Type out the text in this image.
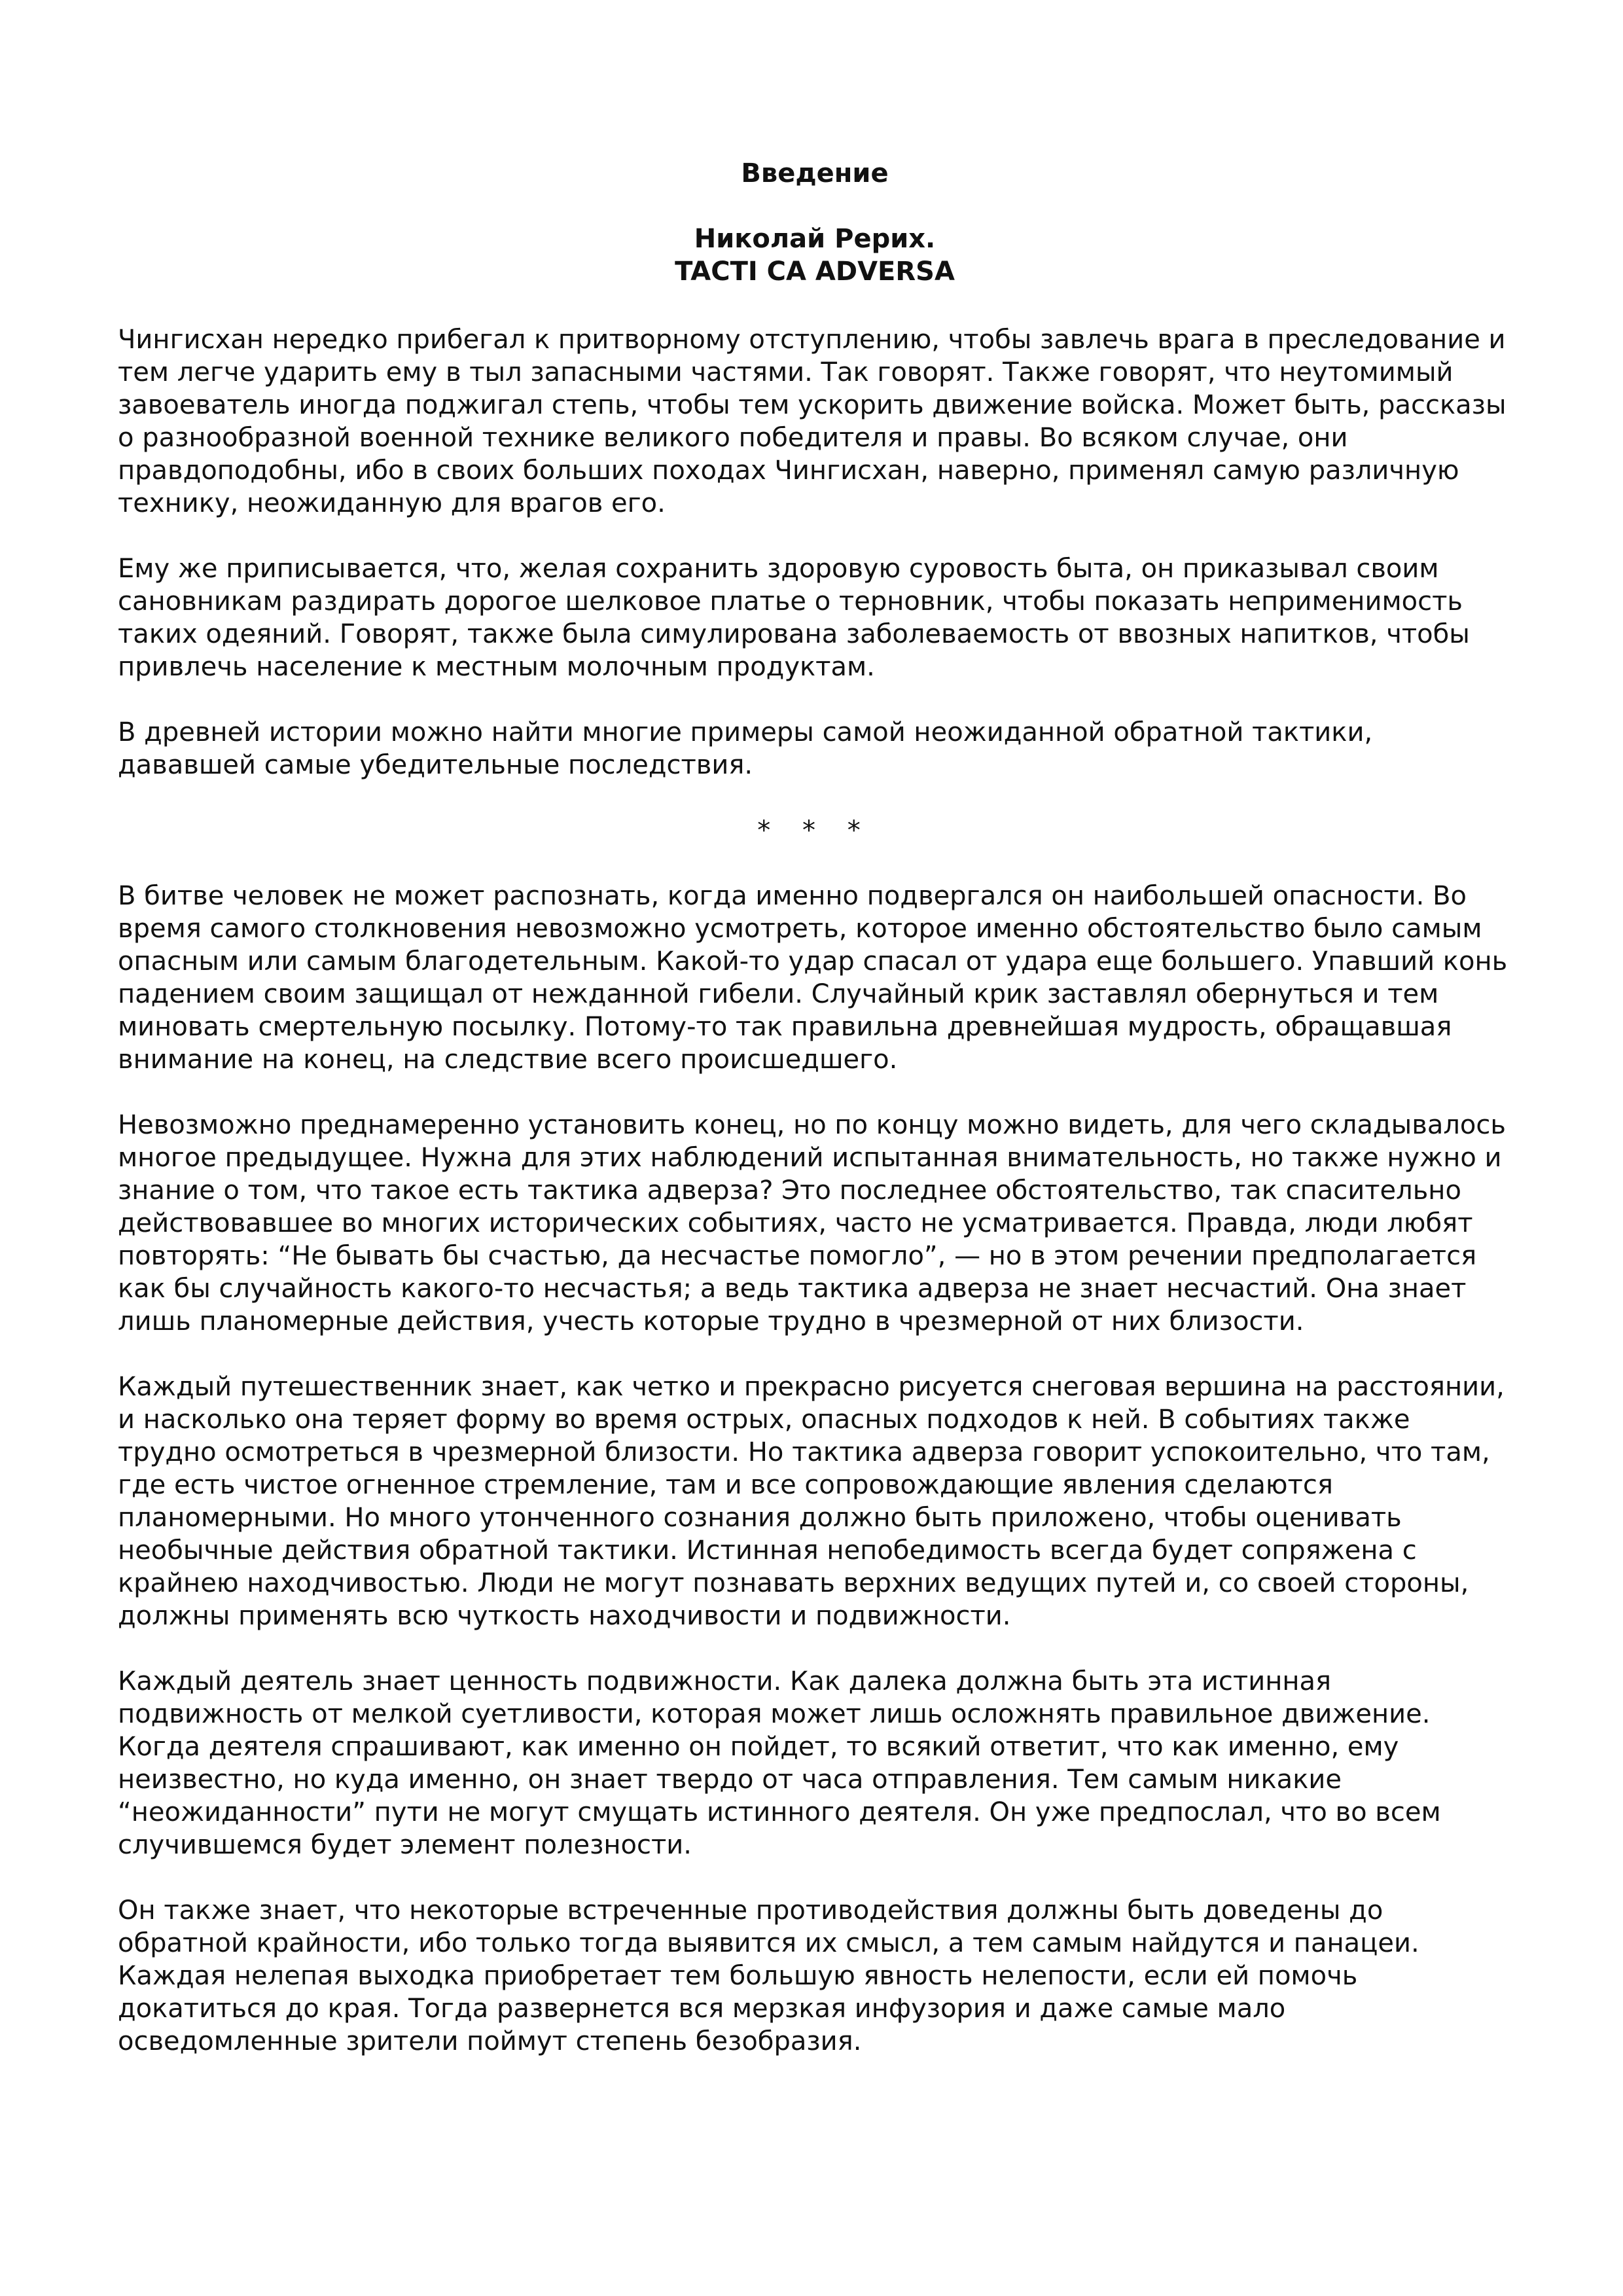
Введение
Николай Рерих.
TACTI CA ADVERSA

Чингисхан нередко прибегал к притворному отступлению, чтобы завлечь врага в преследование и тем легче ударить ему в тыл запасными частями. Так говорят. Также говорят, что неутомимый завоеватель иногда поджигал степь, чтобы тем ускорить движение войска. Может быть, рассказы о разнообразной военной технике великого победителя и правы. Во всяком случае, они правдоподобны, ибо в своих больших походах Чингисхан, наверно, применял самую различную технику, неожиданную для врагов его.

Ему же приписывается, что, желая сохранить здоровую суровость быта, он приказывал своим сановникам раздирать дорогое шелковое платье о терновник, чтобы показать неприменимость таких одеяний. Говорят, также была симулирована заболеваемость от ввозных напитков, чтобы привлечь население к местным молочным продуктам.

В древней истории можно найти многие примеры самой неожиданной обратной тактики, дававшей самые убедительные последствия.

* * *

В битве человек не может распознать, когда именно подвергался он наибольшей опасности. Во время самого столкновения невозможно усмотреть, которое именно обстоятельство было самым опасным или самым благодетельным. Какой-то удар спасал от удара еще большего. Упавший конь падением своим защищал от нежданной гибели. Случайный крик заставлял обернуться и тем миновать смертельную посылку. Потому-то так правильна древнейшая мудрость, обращавшая внимание на конец, на следствие всего происшедшего.

Невозможно преднамеренно установить конец, но по концу можно видеть, для чего складывалось многое предыдущее. Нужна для этих наблюдений испытанная внимательность, но также нужно и знание о том, что такое есть тактика адверза? Это последнее обстоятельство, так спасительно действовавшее во многих исторических событиях, часто не усматривается. Правда, люди любят повторять: “Не бывать бы счастью, да несчастье помогло”, — но в этом речении предполагается как бы случайность какого-то несчастья; а ведь тактика адверза не знает несчастий. Она знает лишь планомерные действия, учесть которые трудно в чрезмерной от них близости.

Каждый путешественник знает, как четко и прекрасно рисуется снеговая вершина на расстоянии, и насколько она теряет форму во время острых, опасных подходов к ней. В событиях также трудно осмотреться в чрезмерной близости. Но тактика адверза говорит успокоительно, что там, где есть чистое огненное стремление, там и все сопровождающие явления сделаются планомерными. Но много утонченного сознания должно быть приложено, чтобы оценивать необычные действия обратной тактики. Истинная непобедимость всегда будет сопряжена с крайнею находчивостью. Люди не могут познавать верхних ведущих путей и, со своей стороны, должны применять всю чуткость находчивости и подвижности.

Каждый деятель знает ценность подвижности. Как далека должна быть эта истинная подвижность от мелкой суетливости, которая может лишь осложнять правильное движение. Когда деятеля спрашивают, как именно он пойдет, то всякий ответит, что как именно, ему неизвестно, но куда именно, он знает твердо от часа отправления. Тем самым никакие “неожиданности” пути не могут смущать истинного деятеля. Он уже предпослал, что во всем случившемся будет элемент полезности.

Он также знает, что некоторые встреченные противодействия должны быть доведены до обратной крайности, ибо только тогда выявится их смысл, а тем самым найдутся и панацеи. Каждая нелепая выходка приобретает тем большую явность нелепости, если ей помочь докатиться до края. Тогда развернется вся мерзкая инфузория и даже самые мало осведомленные зрители поймут степень безобразия.
